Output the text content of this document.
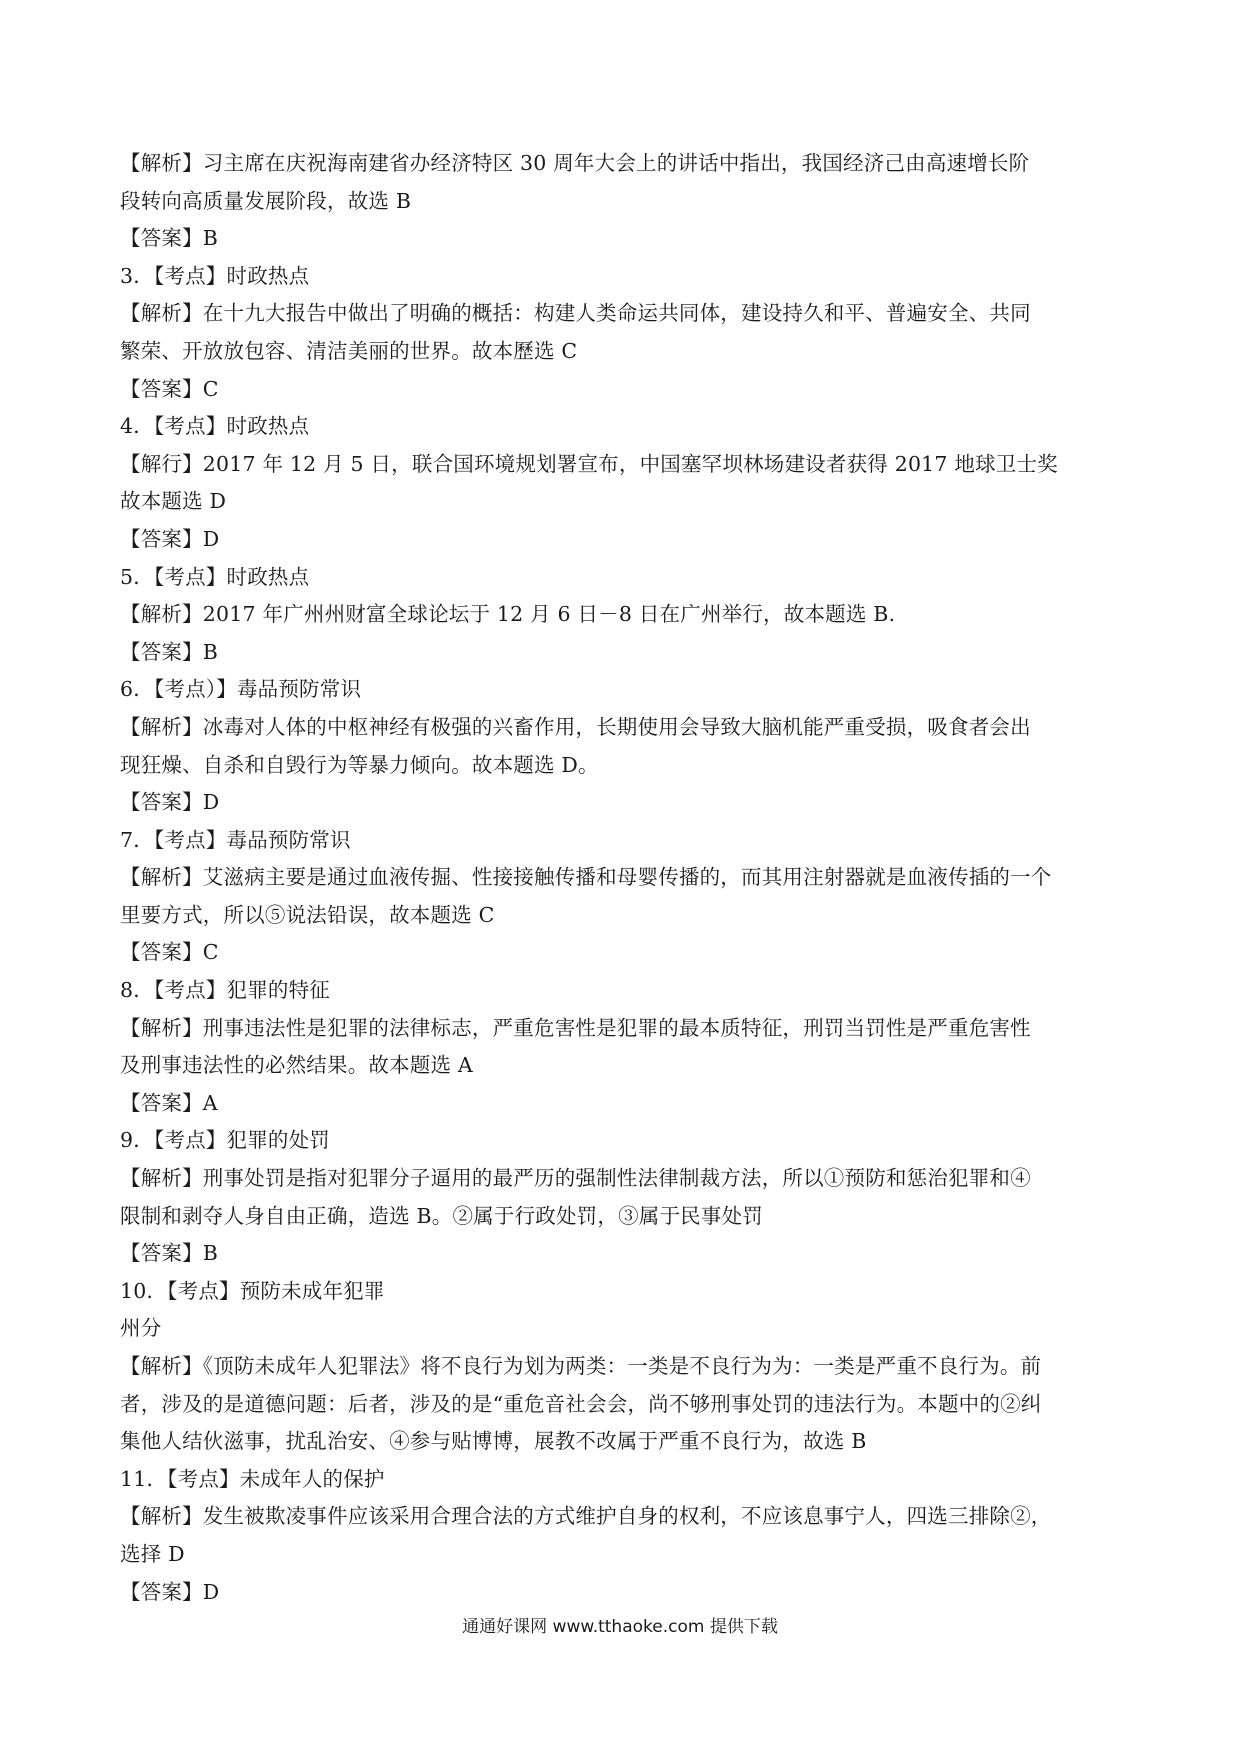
【解析】习主席在庆祝海南建省办经济特区 30 周年大会上的讲话中指出，我国经济己由高速增长阶
段转向高质量发展阶段，故选 B
【答案】B
3．【考点】时政热点
【解析】在十九大报告中做出了明确的概括：构建人类命运共同体，建设持久和平、普遍安全、共同
繁荣、开放放包容、清洁美丽的世界。故本歷选 C
【答案】C
4．【考点】时政热点
【解行】2017 年 12 月 5 日，联合国环境规划署宣布，中国塞罕坝林场建设者获得 2017 地球卫士奖
故本题选 D
【答案】D
5．【考点】时政热点
【解析】2017 年广州州财富全球论坛于 12 月 6 日－8 日在广州举行，故本题选 B.
【答案】B
6．【考点）】毒品预防常识
【解析】冰毒对人体的中枢神经有极强的兴畜作用，长期使用会导致大脑机能严重受损，吸食者会出
现狂燥、自杀和自毁行为等暴力倾向。故本题选 D。
【答案】D
7．【考点】毒品预防常识
【解析】艾滋病主要是通过血液传掘、性接接触传播和母婴传播的，而其用注射器就是血液传插的一个
里要方式，所以⑤说法铅误，故本题选 C
【答案】C
8．【考点】犯罪的特征
【解析】刑事违法性是犯罪的法律标志，严重危害性是犯罪的最本质特征，刑罚当罚性是严重危害性
及刑事违法性的必然结果。故本题选 A
【答案】A
9．【考点】犯罪的处罚
【解析】刑事处罚是指对犯罪分子逼用的最严历的强制性法律制裁方法，所以①预防和惩治犯罪和④
限制和剥夺人身自由正确，造选 B。②属于行政处罚，③属于民事处罚
【答案】B
10．【考点】预防未成年犯罪
州分
【解析】《顶防未成年人犯罪法》将不良行为划为两类：一类是不良行为为：一类是严重不良行为。前
者，涉及的是道德问题：后者，涉及的是“重危音社会会，尚不够刑事处罚的违法行为。本题中的②纠
集他人结伙滋事，扰乱治安、④参与贴博博，展教不改属于严重不良行为，故选 B
11．【考点】未成年人的保护
【解析】发生被欺凌事件应该采用合理合法的方式维护自身的权利，不应该息事宁人，四选三排除②，
选择 D
【答案】D
通通好课网 www.tthaoke.com 提供下载
